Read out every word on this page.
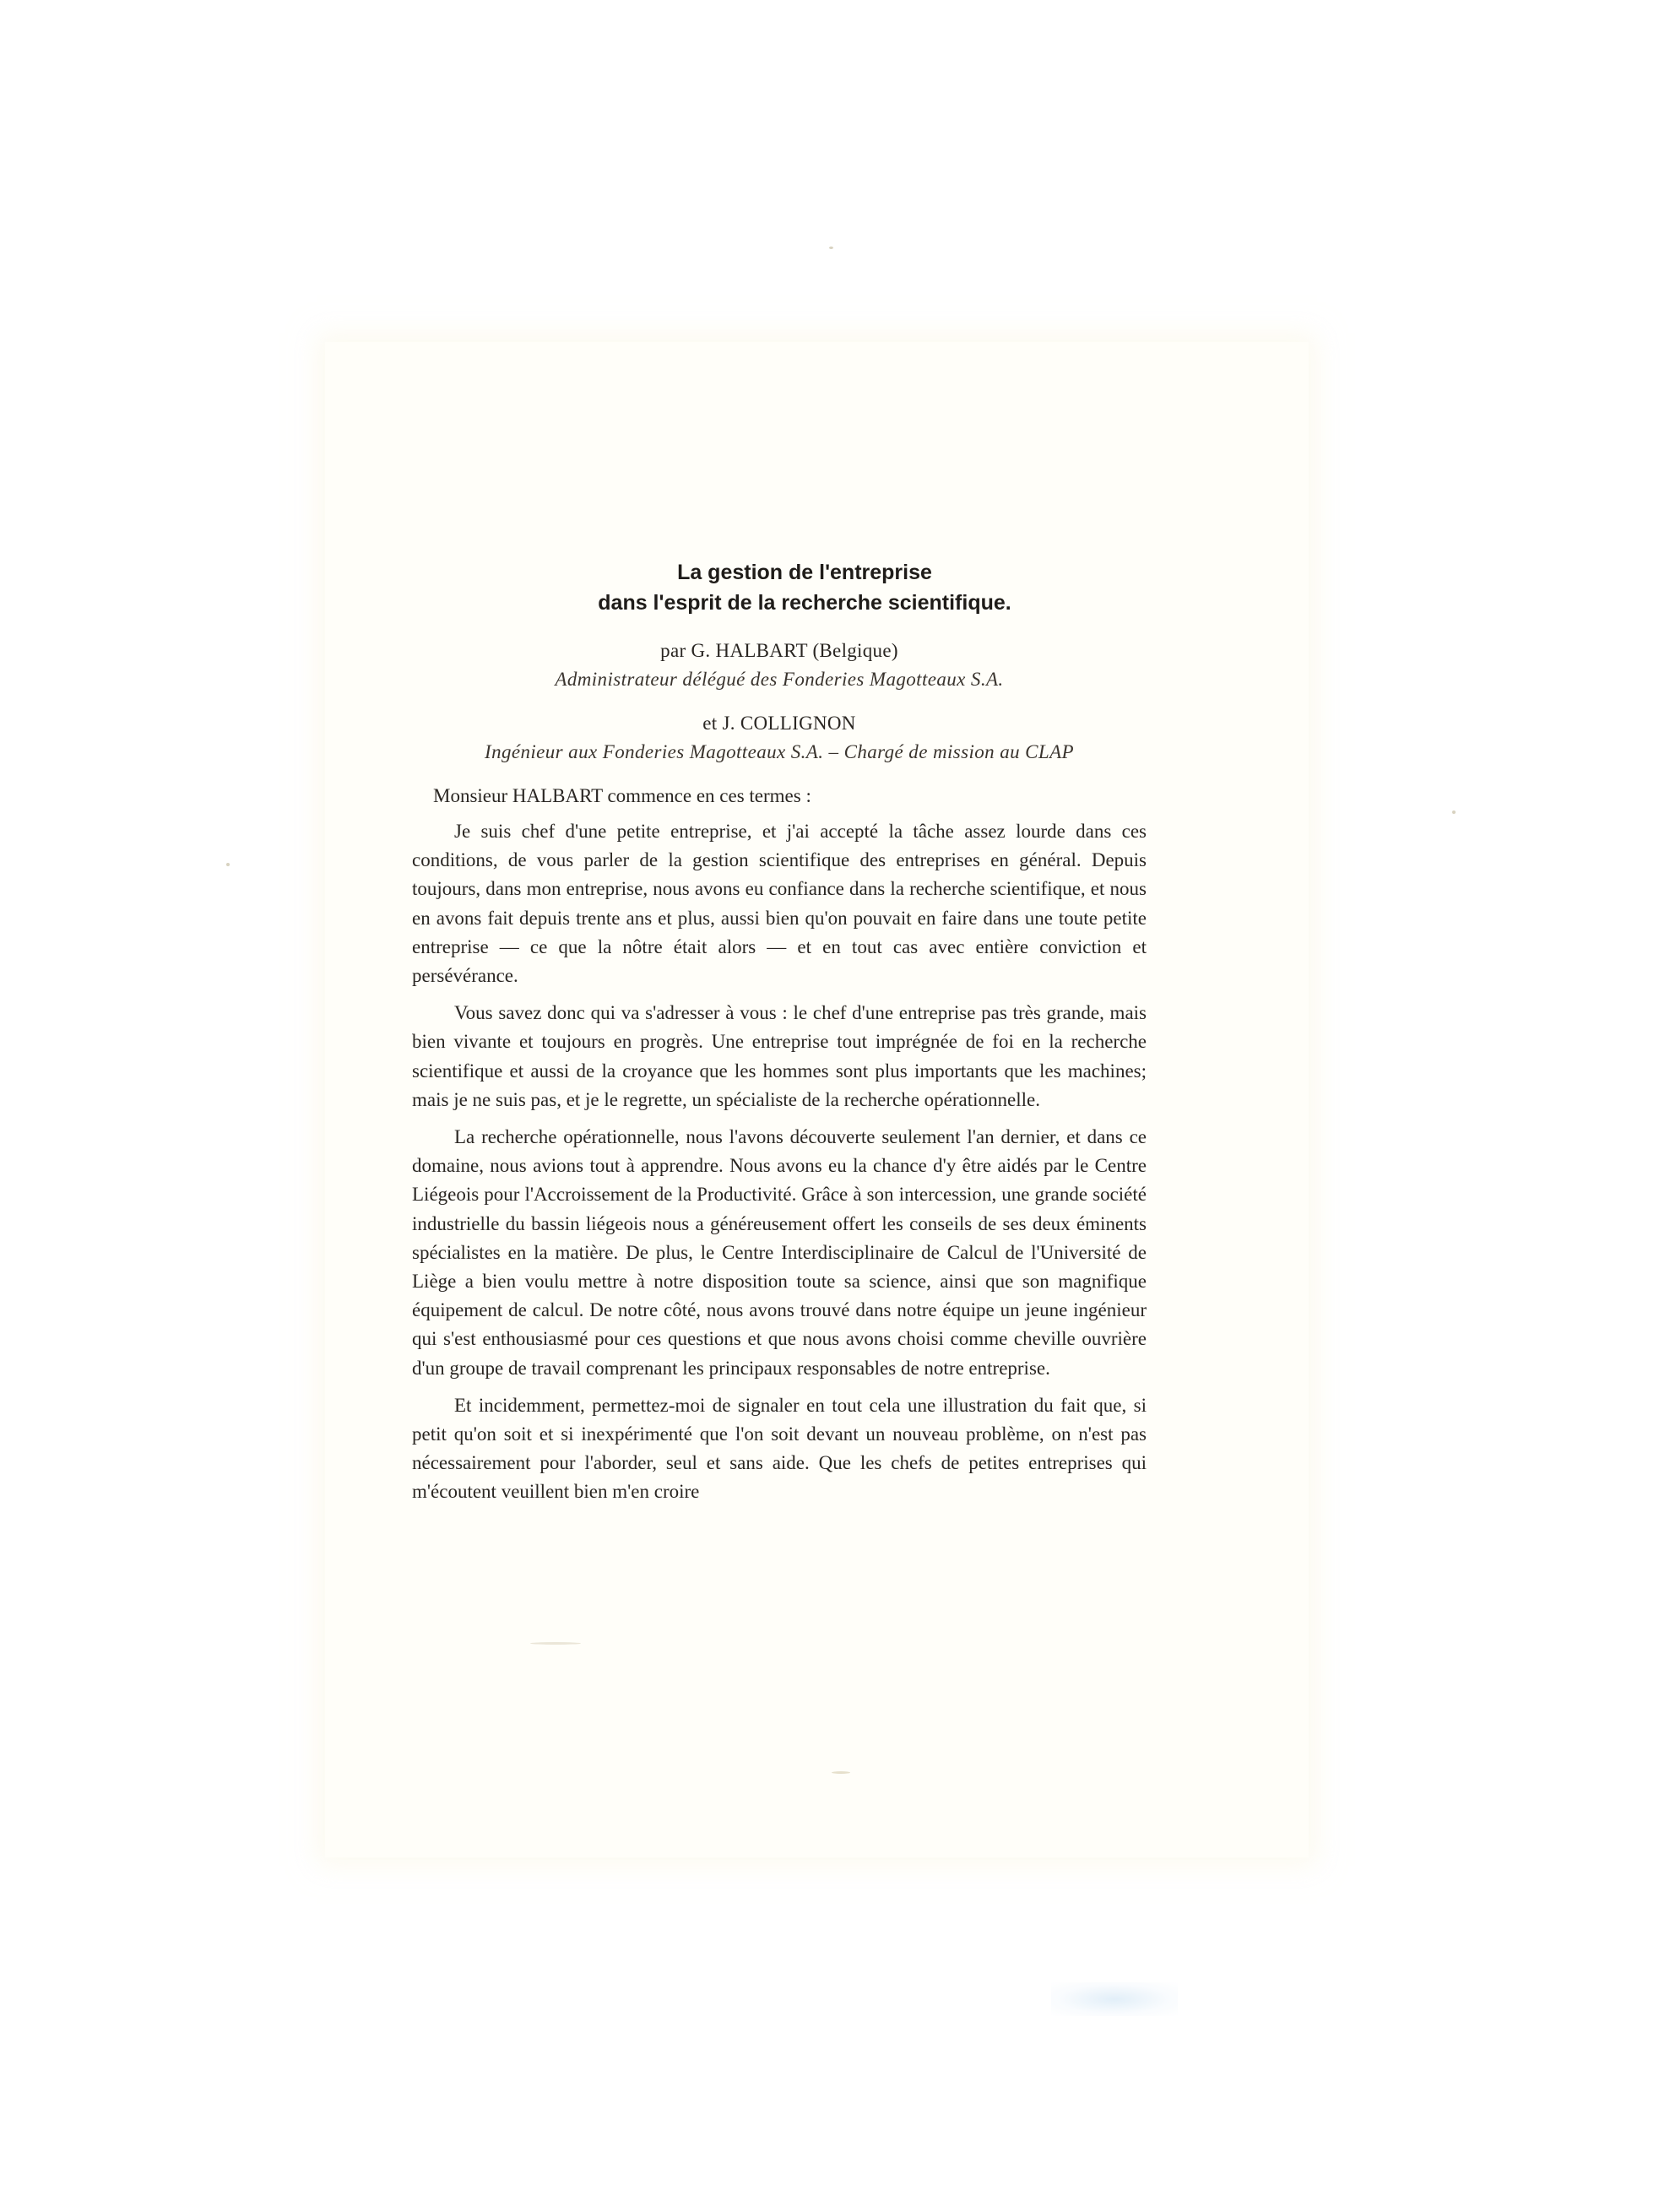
La gestion de l'entreprise
dans l'esprit de la recherche scientifique.

par G. HALBART (Belgique)

Administrateur délégué des Fonderies Magotteaux S.A.

et J. COLLIGNON

Ingénieur aux Fonderies Magotteaux S.A. – Chargé de mission au CLAP

Monsieur HALBART commence en ces termes :

Je suis chef d'une petite entreprise, et j'ai accepté la tâche assez lourde dans ces conditions, de vous parler de la gestion scientifique des entreprises en général. Depuis toujours, dans mon entreprise, nous avons eu confiance dans la recherche scientifique, et nous en avons fait depuis trente ans et plus, aussi bien qu'on pouvait en faire dans une toute petite entreprise — ce que la nôtre était alors — et en tout cas avec entière conviction et persévérance.

Vous savez donc qui va s'adresser à vous : le chef d'une entreprise pas très grande, mais bien vivante et toujours en progrès. Une entreprise tout imprégnée de foi en la recherche scientifique et aussi de la croyance que les hommes sont plus importants que les machines; mais je ne suis pas, et je le regrette, un spécialiste de la recherche opérationnelle.

La recherche opérationnelle, nous l'avons découverte seulement l'an dernier, et dans ce domaine, nous avions tout à apprendre. Nous avons eu la chance d'y être aidés par le Centre Liégeois pour l'Accroissement de la Productivité. Grâce à son intercession, une grande société industrielle du bassin liégeois nous a généreusement offert les conseils de ses deux éminents spécialistes en la matière. De plus, le Centre Interdisciplinaire de Calcul de l'Université de Liège a bien voulu mettre à notre disposition toute sa science, ainsi que son magnifique équipement de calcul. De notre côté, nous avons trouvé dans notre équipe un jeune ingénieur qui s'est enthousiasmé pour ces questions et que nous avons choisi comme cheville ouvrière d'un groupe de travail comprenant les principaux responsables de notre entreprise.

Et incidemment, permettez-moi de signaler en tout cela une illustration du fait que, si petit qu'on soit et si inexpérimenté que l'on soit devant un nouveau problème, on n'est pas nécessairement pour l'aborder, seul et sans aide. Que les chefs de petites entreprises qui m'écoutent veuillent bien m'en croire
